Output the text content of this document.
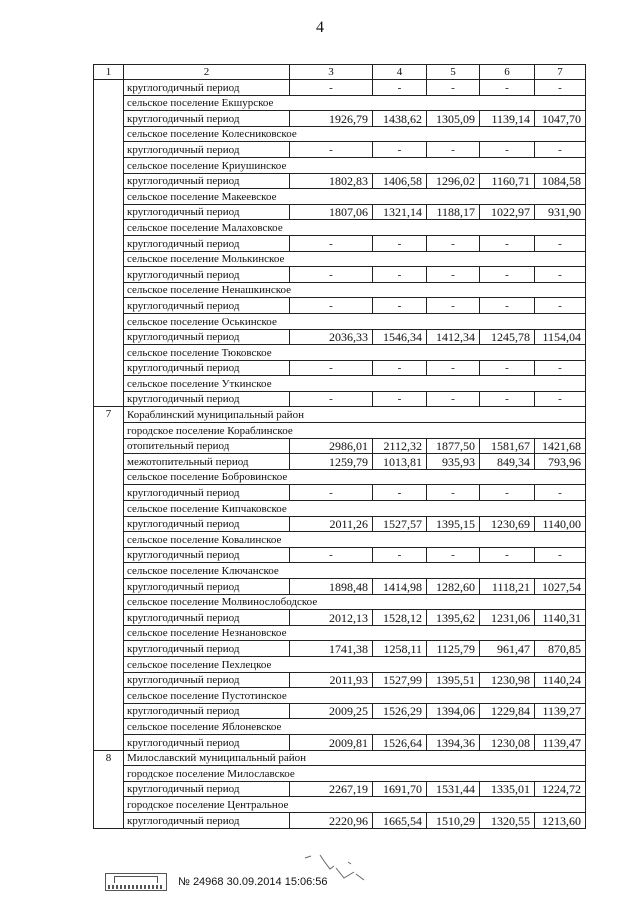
4
1	2	3	4	5	6	7
	круглогодичный период	-	-	-	-	-
	сельское поселение Екшурское					
	круглогодичный период	1926,79	1438,62	1305,09	1139,14	1047,70
	сельское поселение Колесниковское					
	круглогодичный период	-	-	-	-	-
	сельское поселение Криушинское					
	круглогодичный период	1802,83	1406,58	1296,02	1160,71	1084,58
	сельское поселение Макеевское					
	круглогодичный период	1807,06	1321,14	1188,17	1022,97	931,90
	сельское поселение Малаховское					
	круглогодичный период	-	-	-	-	-
	сельское поселение Молькинское					
	круглогодичный период	-	-	-	-	-
	сельское поселение Ненашкинское					
	круглогодичный период	-	-	-	-	-
	сельское поселение Оськинское					
	круглогодичный период	2036,33	1546,34	1412,34	1245,78	1154,04
	сельское поселение Тюковское					
	круглогодичный период	-	-	-	-	-
	сельское поселение Уткинское					
	круглогодичный период	-	-	-	-	-
7	Кораблинский муниципальный район					
	городское поселение Кораблинское					
	отопительный период	2986,01	2112,32	1877,50	1581,67	1421,68
	межотопительный период	1259,79	1013,81	935,93	849,34	793,96
	сельское поселение Бобровинское					
	круглогодичный период	-	-	-	-	-
	сельское поселение Кипчаковское					
	круглогодичный период	2011,26	1527,57	1395,15	1230,69	1140,00
	сельское поселение Ковалинское					
	круглогодичный период	-	-	-	-	-
	сельское поселение Ключанское					
	круглогодичный период	1898,48	1414,98	1282,60	1118,21	1027,54
	сельское поселение Молвинослободское					
	круглогодичный период	2012,13	1528,12	1395,62	1231,06	1140,31
	сельское поселение Незнановское					
	круглогодичный период	1741,38	1258,11	1125,79	961,47	870,85
	сельское поселение Пехлецкое					
	круглогодичный период	2011,93	1527,99	1395,51	1230,98	1140,24
	сельское поселение Пустотинское					
	круглогодичный период	2009,25	1526,29	1394,06	1229,84	1139,27
	сельское поселение Яблоневское					
	круглогодичный период	2009,81	1526,64	1394,36	1230,08	1139,47
8	Милославский муниципальный район					
	городское поселение Милославское					
	круглогодичный период	2267,19	1691,70	1531,44	1335,01	1224,72
	городское поселение Центральное					
	круглогодичный период	2220,96	1665,54	1510,29	1320,55	1213,60
№ 24968 30.09.2014 15:06:56
